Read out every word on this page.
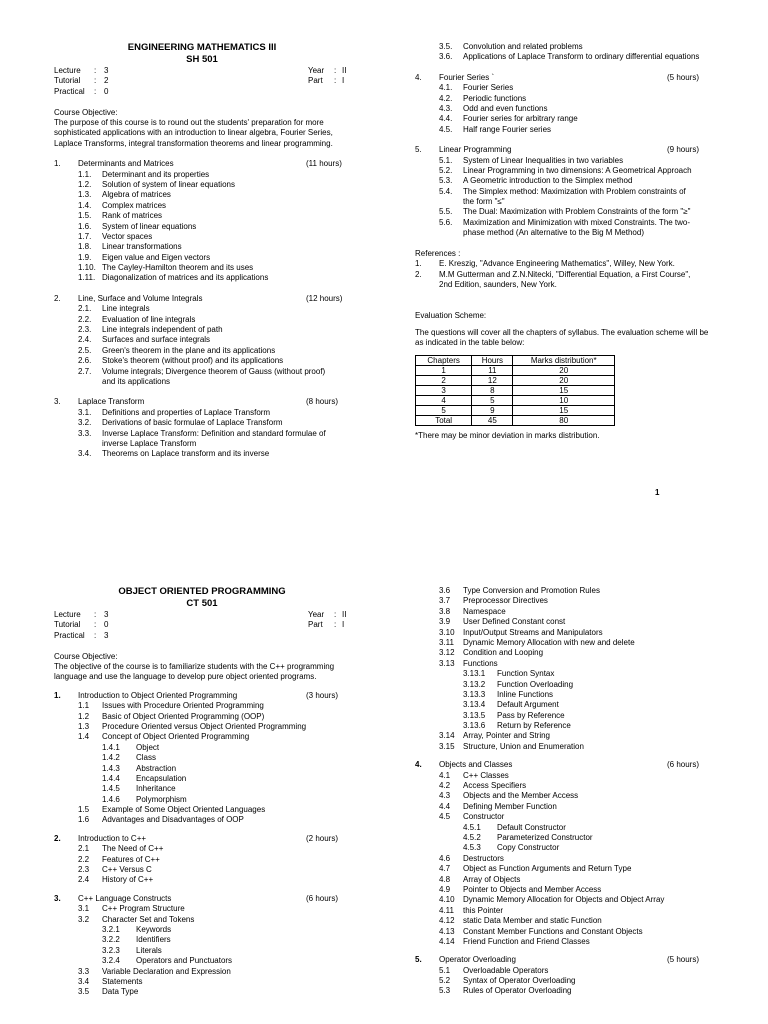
ENGINEERING MATHEMATICS III
SH 501
Lecture : 3	Year : II
Tutorial : 2	Part : I
Practical : 0
Course Objective:
The purpose of this course is to round out the students' preparation for more sophisticated applications with an introduction to linear algebra, Fourier Series, Laplace Transforms, integral transformation theorems and linear programming.
1. Determinants and Matrices	(11 hours)
1.1. Determinant and its properties
1.2. Solution of system of linear equations
1.3. Algebra of matrices
1.4. Complex matrices
1.5. Rank of matrices
1.6. System of linear equations
1.7. Vector spaces
1.8. Linear transformations
1.9. Eigen value and Eigen vectors
1.10. The Cayley-Hamilton theorem and its uses
1.11. Diagonalization of matrices and its applications
2. Line, Surface and Volume Integrals	(12 hours)
2.1. Line integrals
2.2. Evaluation of line integrals
2.3. Line integrals independent of path
2.4. Surfaces and surface integrals
2.5. Green's theorem in the plane and its applications
2.6. Stoke's theorem (without proof) and its applications
2.7. Volume integrals; Divergence theorem of Gauss (without proof)
and its applications
3. Laplace Transform	(8 hours)
3.1. Definitions and properties of Laplace Transform
3.2. Derivations of basic formulae of Laplace Transform
3.3. Inverse Laplace Transform: Definition and standard formulae of
inverse Laplace Transform
3.4. Theorems on Laplace transform and its inverse
3.5. Convolution and related problems
3.6. Applications of Laplace Transform to ordinary differential equations
4. Fourier Series `	(5 hours)
4.1. Fourier Series
4.2. Periodic functions
4.3. Odd and even functions
4.4. Fourier series for arbitrary range
4.5. Half range Fourier series
5. Linear Programming	(9 hours)
5.1. System of Linear Inequalities in two variables
5.2. Linear Programming in two dimensions: A Geometrical Approach
5.3. A Geometric introduction to the Simplex method
5.4. The Simplex method: Maximization with Problem constraints of
the form "≤"
5.5. The Dual: Maximization with Problem Constraints of the form "≥"
5.6. Maximization and Minimization with mixed Constraints. The two-
phase method (An alternative to the Big M Method)
References :
1. E. Kreszig, "Advance Engineering Mathematics", Willey, New York.
2. M.M Gutterman and Z.N.Nitecki, "Differential Equation, a First Course",
2nd Edition, saunders, New York.
Evaluation Scheme:
The questions will cover all the chapters of syllabus. The evaluation scheme will be as indicated in the table below:
Chapters	Hours	Marks distribution*
1	11	20
2	12	20
3	8	15
4	5	10
5	9	15
Total	45	80
*There may be minor deviation in marks distribution.
1
OBJECT ORIENTED PROGRAMMING
CT 501
Lecture : 3	Year : II
Tutorial : 0	Part : I
Practical : 3
Course Objective:
The objective of the course is to familiarize students with the C++ programming language and use the language to develop pure object oriented programs.
1. Introduction to Object Oriented Programming	(3 hours)
1.1 Issues with Procedure Oriented Programming
1.2 Basic of Object Oriented Programming (OOP)
1.3 Procedure Oriented versus Object Oriented Programming
1.4 Concept of Object Oriented Programming
1.4.1 Object
1.4.2 Class
1.4.3 Abstraction
1.4.4 Encapsulation
1.4.5 Inheritance
1.4.6 Polymorphism
1.5 Example of Some Object Oriented Languages
1.6 Advantages and Disadvantages of OOP
2. Introduction to C++	(2 hours)
2.1 The Need of C++
2.2 Features of C++
2.3 C++ Versus C
2.4 History of C++
3. C++ Language Constructs	(6 hours)
3.1 C++ Program Structure
3.2 Character Set and Tokens
3.2.1 Keywords
3.2.2 Identifiers
3.2.3 Literals
3.2.4 Operators and Punctuators
3.3 Variable Declaration and Expression
3.4 Statements
3.5 Data Type
3.6 Type Conversion and Promotion Rules
3.7 Preprocessor Directives
3.8 Namespace
3.9 User Defined Constant const
3.10 Input/Output Streams and Manipulators
3.11 Dynamic Memory Allocation with new and delete
3.12 Condition and Looping
3.13 Functions
3.13.1 Function Syntax
3.13.2 Function Overloading
3.13.3 Inline Functions
3.13.4 Default Argument
3.13.5 Pass by Reference
3.13.6 Return by Reference
3.14 Array, Pointer and String
3.15 Structure, Union and Enumeration
4. Objects and Classes	(6 hours)
4.1 C++ Classes
4.2 Access Specifiers
4.3 Objects and the Member Access
4.4 Defining Member Function
4.5 Constructor
4.5.1 Default Constructor
4.5.2 Parameterized Constructor
4.5.3 Copy Constructor
4.6 Destructors
4.7 Object as Function Arguments and Return Type
4.8 Array of Objects
4.9 Pointer to Objects and Member Access
4.10 Dynamic Memory Allocation for Objects and Object Array
4.11 this Pointer
4.12 static Data Member and static Function
4.13 Constant Member Functions and Constant Objects
4.14 Friend Function and Friend Classes
5. Operator Overloading	(5 hours)
5.1 Overloadable Operators
5.2 Syntax of Operator Overloading
5.3 Rules of Operator Overloading
